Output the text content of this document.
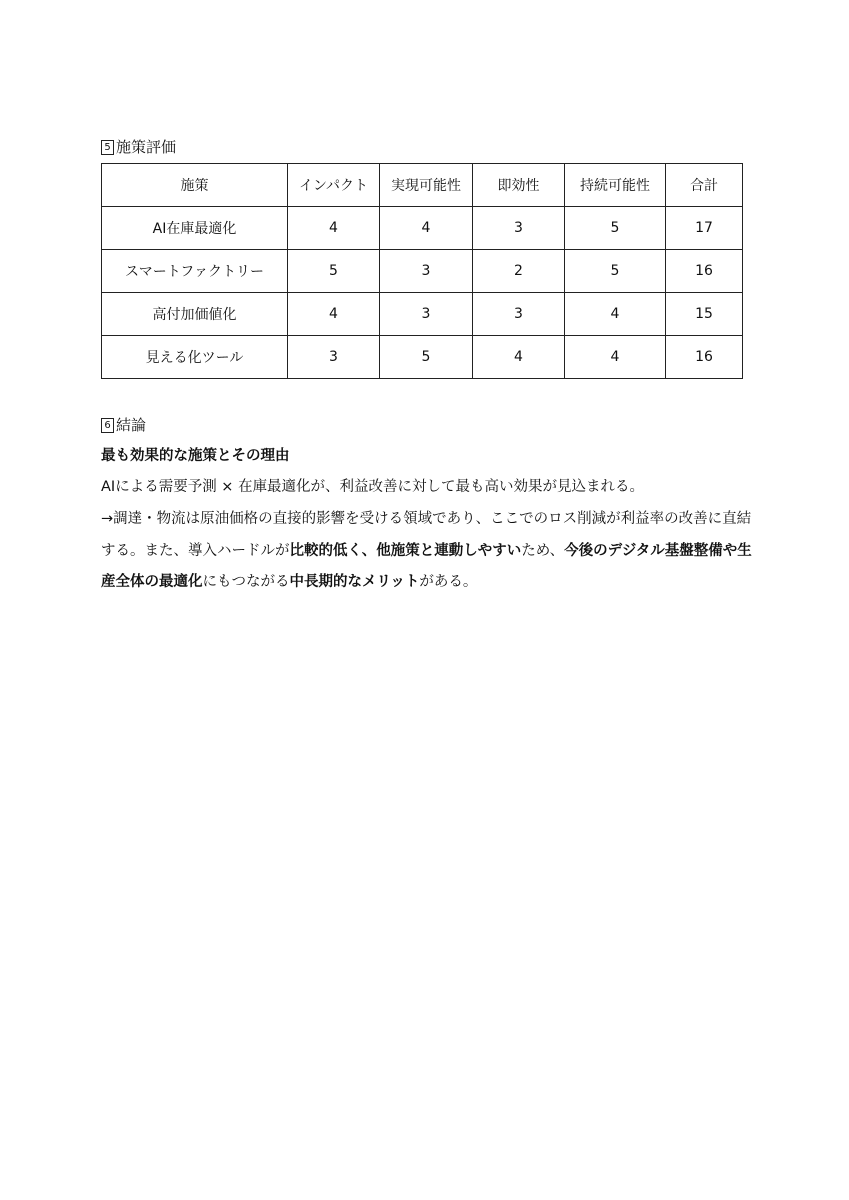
5 施策評価
施策	インパクト	実現可能性	即効性	持続可能性	合計
AI在庫最適化	4	4	3	5	17
スマートファクトリー	5	3	2	5	16
高付加価値化	4	3	3	4	15
見える化ツール	3	5	4	4	16
6 結論
最も効果的な施策とその理由
AIによる需要予測 × 在庫最適化が、利益改善に対して最も高い効果が見込まれる。
→調達・物流は原油価格の直接的影響を受ける領域であり、ここでのロス削減が利益率の改善に直結
する。また、導入ハードルが比較的低く、他施策と連動しやすいため、今後のデジタル基盤整備や生
産全体の最適化にもつながる中長期的なメリットがある。
